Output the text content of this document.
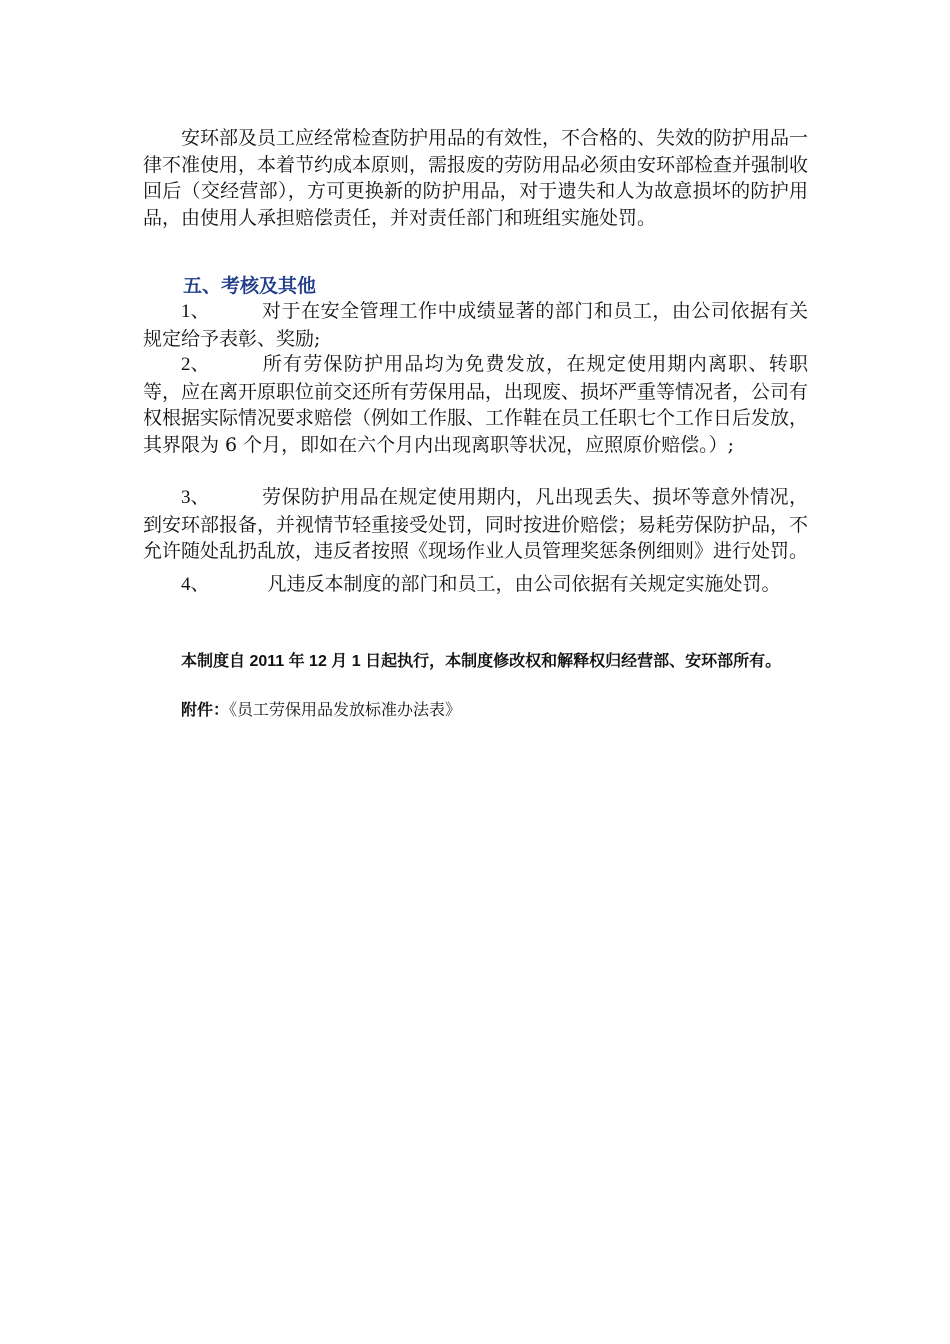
安环部及员工应经常检查防护用品的有效性，不合格的、失效的防护用品一律不准使用，本着节约成本原则，需报废的劳防用品必须由安环部检查并强制收回后（交经营部），方可更换新的防护用品，对于遗失和人为故意损坏的防护用品，由使用人承担赔偿责任，并对责任部门和班组实施处罚。

五、考核及其他

1、	对于在安全管理工作中成绩显著的部门和员工，由公司依据有关规定给予表彰、奖励;

2、	所有劳保防护用品均为免费发放，在规定使用期内离职、转职等，应在离开原职位前交还所有劳保用品，出现废、损坏严重等情况者，公司有权根据实际情况要求赔偿（例如工作服、工作鞋在员工任职七个工作日后发放，其界限为 6 个月，即如在六个月内出现离职等状况，应照原价赔偿。）;

3、	劳保防护用品在规定使用期内，凡出现丢失、损坏等意外情况，到安环部报备，并视情节轻重接受处罚，同时按进价赔偿；易耗劳保防护品，不允许随处乱扔乱放，违反者按照《现场作业人员管理奖惩条例细则》进行处罚。

4、	凡违反本制度的部门和员工，由公司依据有关规定实施处罚。

本制度自 2011 年 12 月 1 日起执行，本制度修改权和解释权归经营部、安环部所有。

附件：《员工劳保用品发放标准办法表》
